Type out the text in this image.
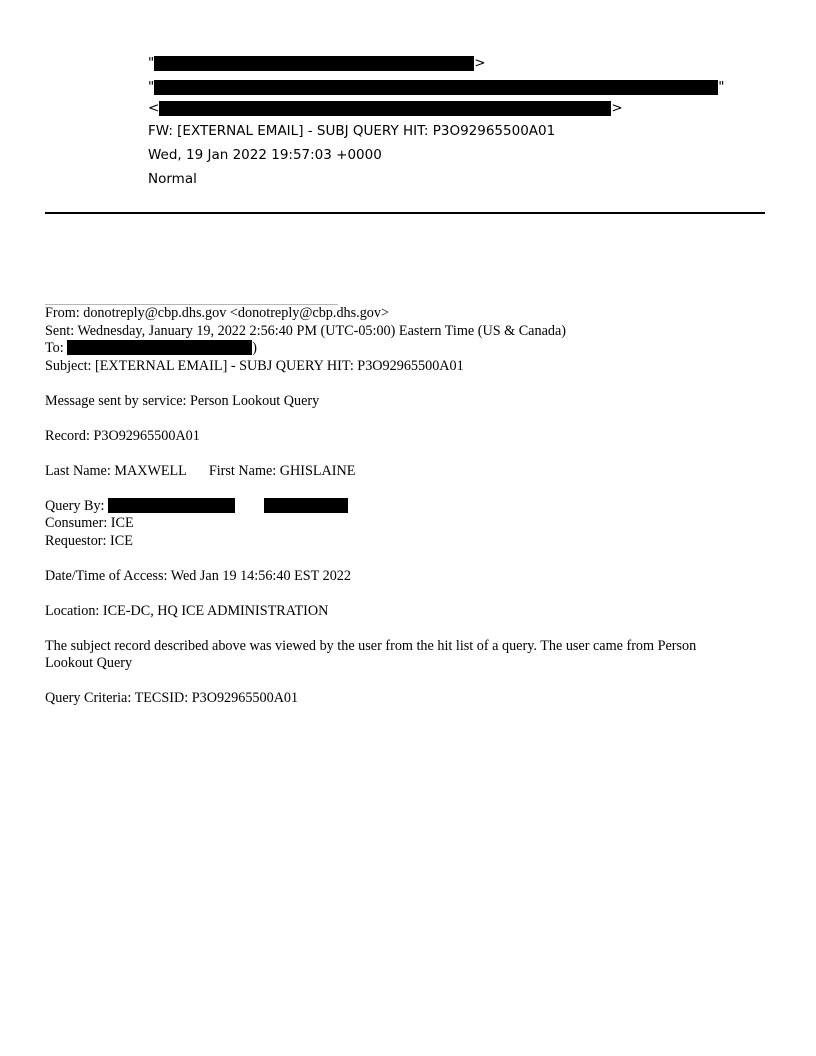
"	>
"	"
<	>
FW: [EXTERNAL EMAIL] - SUBJ QUERY HIT: P3O92965500A01
Wed, 19 Jan 2022 19:57:03 +0000
Normal
From: donotreply@cbp.dhs.gov <donotreply@cbp.dhs.gov>
Sent: Wednesday, January 19, 2022 2:56:40 PM (UTC-05:00) Eastern Time (US & Canada)
To:	)
Subject: [EXTERNAL EMAIL] - SUBJ QUERY HIT: P3O92965500A01
Message sent by service: Person Lookout Query
Record: P3O92965500A01
Last Name: MAXWELL First Name: GHISLAINE
Query By:
Consumer: ICE
Requestor: ICE
Date/Time of Access: Wed Jan 19 14:56:40 EST 2022
Location: ICE-DC, HQ ICE ADMINISTRATION
The subject record described above was viewed by the user from the hit list of a query. The user came from Person Lookout Query
Query Criteria: TECSID: P3O92965500A01
